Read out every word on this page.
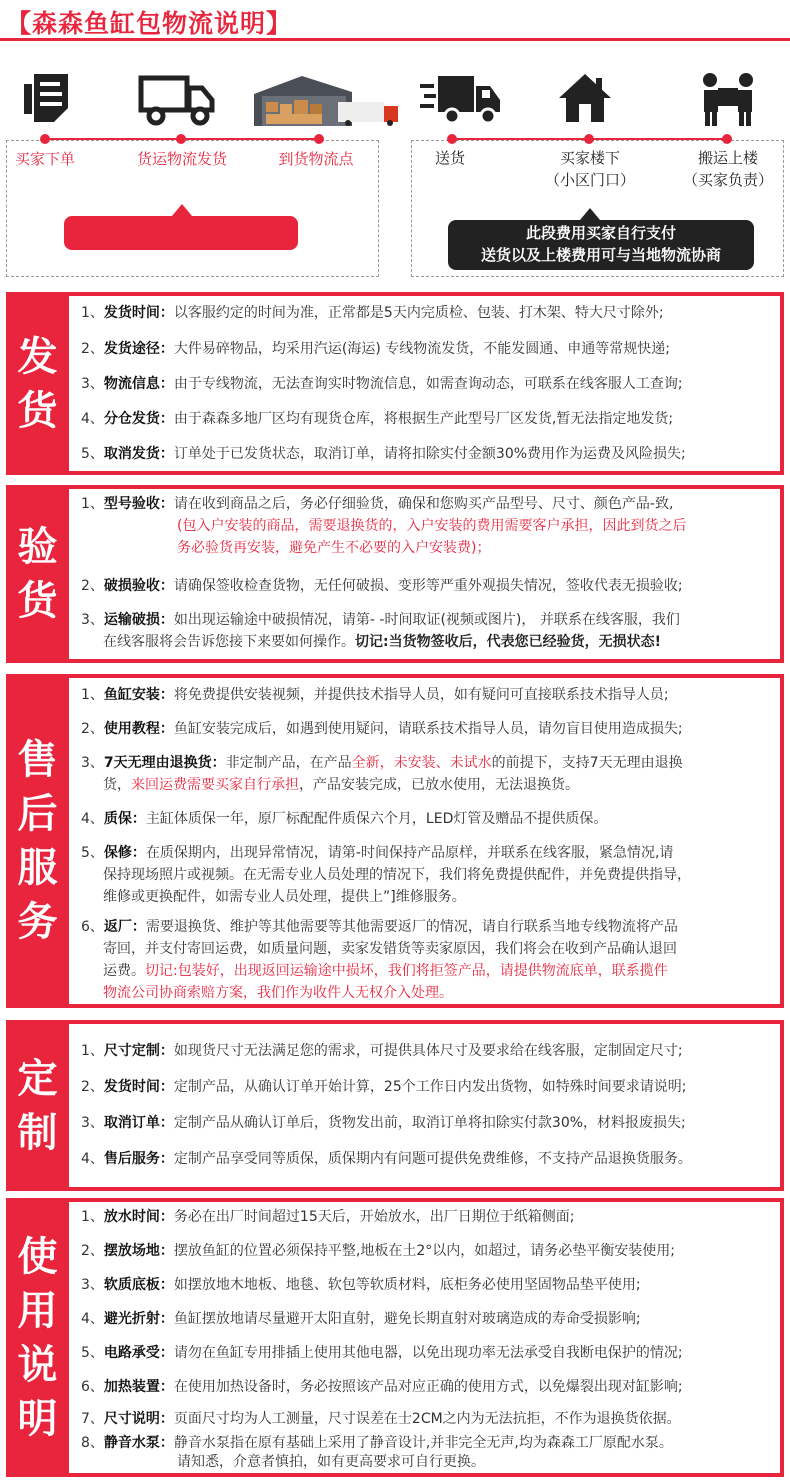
【森森鱼缸包物流说明】
买家下单	货运物流发货	到货物流点
包物流是指包此段运费
送货	买家楼下
（小区门口）
搬运上楼
（买家负责）
此段费用买家自行支付
送货以及上楼费用可与当地物流协商
发
货
1、发货时间：以客服约定的时间为准，正常都是5天内完质检、包装、打木架、特大尺寸除外;
2、发货途径：大件易碎物品，均采用汽运(海运) 专线物流发货，不能发圆通、申通等常规快递;
3、物流信息：由于专线物流，无法查询实时物流信息，如需查询动态，可联系在线客服人工查询;
4、分仓发货：由于森森多地厂区均有现货仓库，将根据生产此型号厂区发货,暂无法指定地发货;
5、取消发货：订单处于已发货状态，取消订单，请将扣除实付金额30%费用作为运费及风险损失;
验
货
1、型号验收：请在收到商品之后，务必仔细验货，确保和您购买产品型号、尺寸、颜色产品-致,
(包入户安装的商品，需要退换货的，入户安装的费用需要客户承担，因此到货之后
务必验货再安装，避免产生不必要的入户安装费)；
2、破损验收：请确保签收检查货物，无任何破损、变形等严重外观损失情况，签收代表无损验收;
3、运输破损：如出现运输途中破损情况，请第- -时间取证(视频或图片)， 并联系在线客服，我们
在线客服将会告诉您接下来要如何操作。切记:当货物签收后，代表您已经验货，无损状态!
售
后
服
务
1、鱼缸安装：将免费提供安装视频，并提供技术指导人员，如有疑问可直接联系技术指导人员;
2、使用教程：鱼缸安装完成后，如遇到使用疑问，请联系技术指导人员，请勿盲目使用造成损失;
3、7天无理由退换货：非定制产品，在产品全新，未安装、未试水的前提下，支持7天无理由退换
货，来回运费需要买家自行承担，产品安装完成，已放水使用，无法退换货。
4、质保：主缸体质保一年，原厂标配配件质保六个月，LED灯管及赠品不提供质保。
5、保修：在质保期内，出现异常情况，请第-时间保持产品原样，并联系在线客服，紧急情况,请
保持现场照片或视频。在无需专业人员处理的情况下，我们将免费提供配件，并免费提供指导，
维修或更换配件，如需专业人员处理，提供上”]维修服务。
6、返厂：需要退换货、维护等其他需要等其他需要返厂的情况，请自行联系当地专线物流将产品
寄回，并支付寄回运费，如质量问题，卖家发错货等卖家原因，我们将会在收到产品确认退回
运费。切记:包装好，出现返回运输途中损坏，我们将拒签产品，请提供物流底单，联系揽件
物流公司协商索赔方案，我们作为收件人无权介入处理。
定
制
1、尺寸定制：如现货尺寸无法满足您的需求，可提供具体尺寸及要求给在线客服，定制固定尺寸;
2、发货时间：定制产品，从确认订单开始计算，25个工作日内发出货物，如特殊时间要求请说明;
3、取消订单：定制产品从确认订单后，货物发出前，取消订单将扣除实付款30%，材料报废损失;
4、售后服务：定制产品享受同等质保，质保期内有问题可提供免费维修，不支持产品退换货服务。
使
用
说
明
1、放水时间：务必在出厂时间超过15天后，开始放水，出厂日期位于纸箱侧面;
2、摆放场地：摆放鱼缸的位置必须保持平整,地板在土2°以内，如超过，请务必垫平衡安装使用;
3、软质底板：如摆放地木地板、地毯、软包等软质材料，底柜务必使用坚固物品垫平使用;
4、避光折射：鱼缸摆放地请尽量避开太阳直射，避免长期直射对玻璃造成的寿命受损影响;
5、电路承受：请勿在鱼缸专用排插上使用其他电器，以免出现功率无法承受自我断电保护的情况;
6、加热装置：在使用加热设备时，务必按照该产品对应正确的使用方式，以免爆裂出现对缸影响;
7、尺寸说明：页面尺寸均为人工测量，尺寸误差在士2CM之内为无法抗拒，不作为退换货依据。
8、静音水泵：静音水泵指在原有基础上采用了静音设计,并非完全无声,均为森森工厂原配水泵。
请知悉，介意者慎拍，如有更高要求可自行更换。
